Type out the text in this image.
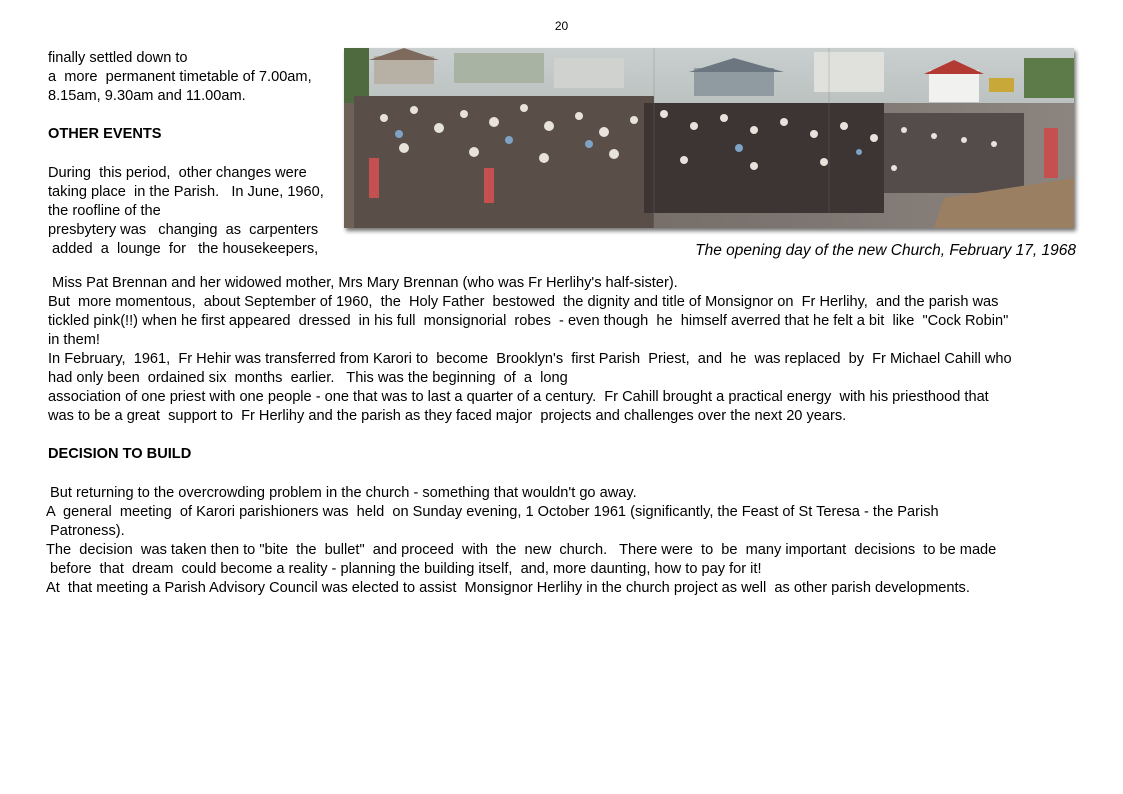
20

finally settled down to

a  more  permanent timetable of 7.00am,

8.15am, 9.30am and 11.00am.

OTHER EVENTS

During  this period,  other changes were

taking place  in the Parish.   In June, 1960,

the roofline of the

presbytery was   changing  as  carpenters

added  a  lounge  for   the housekeepers,	The opening day of the new Church, February 17, 1968

Miss Pat Brennan and her widowed mother, Mrs Mary Brennan (who was Fr Herlihy's half-sister).

But  more momentous,  about September of 1960,  the  Holy Father  bestowed  the dignity and title of Monsignor on  Fr Herlihy,  and the parish was

tickled pink(!!) when he first appeared  dressed  in his full  monsignorial  robes  - even though  he  himself averred that he felt a bit  like  "Cock Robin"

in them!

In February,  1961,  Fr Hehir was transferred from Karori to  become  Brooklyn's  first Parish  Priest,  and  he  was replaced  by  Fr Michael Cahill who

had only been  ordained six  months  earlier.   This was the beginning  of  a  long

association of one priest with one people - one that was to last a quarter of a century.  Fr Cahill brought a practical energy  with his priesthood that

was to be a great  support to  Fr Herlihy and the parish as they faced major  projects and challenges over the next 20 years.

DECISION TO BUILD

But returning to the overcrowding problem in the church - something that wouldn't go away.

A  general  meeting  of Karori parishioners was  held  on Sunday evening, 1 October 1961 (significantly, the Feast of St Teresa - the Parish

Patroness).

The  decision  was taken then to "bite  the  bullet"  and proceed  with  the  new  church.   There were  to  be  many important  decisions  to be made

before  that  dream  could become a reality - planning the building itself,  and, more daunting, how to pay for it!

At  that meeting a Parish Advisory Council was elected to assist  Monsignor Herlihy in the church project as well  as other parish developments.
